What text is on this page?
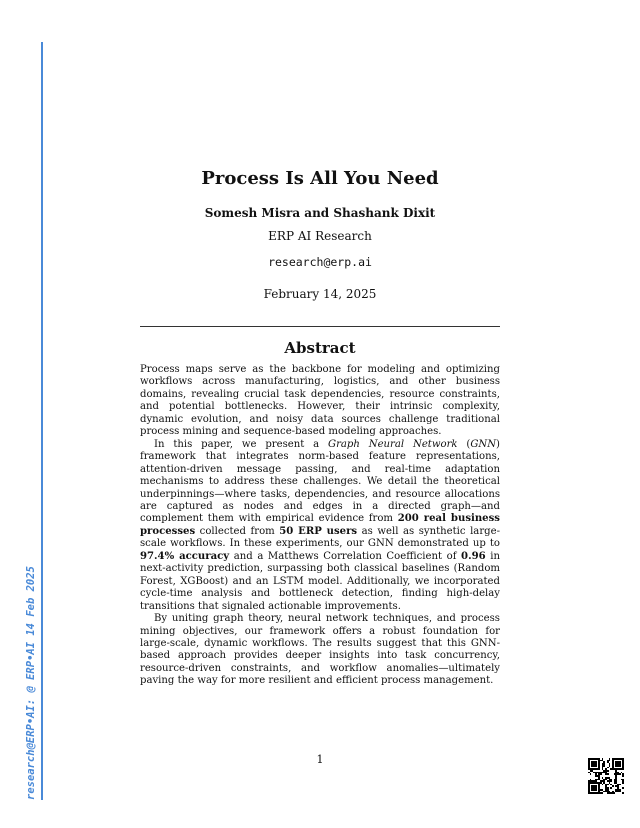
research@ERP•AI: @ ERP•AI 14 Feb 2025
Process Is All You Need
Somesh Misra and Shashank Dixit
ERP AI Research
research@erp.ai
February 14, 2025
Abstract

Process maps serve as the backbone for modeling and optimizing workflows across manufacturing, logistics, and other business domains, revealing crucial task dependencies, resource constraints, and potential bottlenecks. However, their intrinsic complexity, dynamic evolution, and noisy data sources challenge traditional process mining and sequence-based modeling approaches.

In this paper, we present a Graph Neural Network (GNN) framework that integrates norm-based feature representations, attention-driven message passing, and real-time adaptation mechanisms to address these challenges. We detail the theoretical underpinnings—where tasks, dependencies, and resource allocations are captured as nodes and edges in a directed graph—and complement them with empirical evidence from 200 real business processes collected from 50 ERP users as well as synthetic large-scale workflows. In these experiments, our GNN demonstrated up to 97.4% accuracy and a Matthews Correlation Coefficient of 0.96 in next-activity prediction, surpassing both classical baselines (Random Forest, XGBoost) and an LSTM model. Additionally, we incorporated cycle-time analysis and bottleneck detection, finding high-delay transitions that signaled actionable improvements.

By uniting graph theory, neural network techniques, and process mining objectives, our framework offers a robust foundation for large-scale, dynamic workflows. The results suggest that this GNN-based approach provides deeper insights into task concurrency, resource-driven constraints, and workflow anomalies—ultimately paving the way for more resilient and efficient process management.

1
